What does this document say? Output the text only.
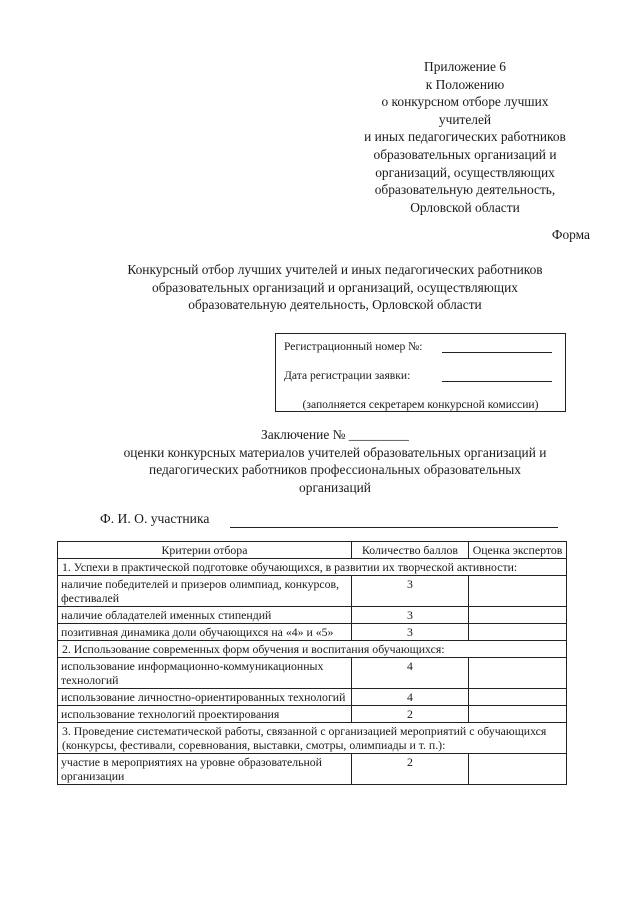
Приложение 6
к Положению
о конкурсном отборе лучших
учителей
и иных педагогических работников
образовательных организаций и
организаций, осуществляющих
образовательную деятельность,
Орловской области
Форма
Конкурсный отбор лучших учителей и иных педагогических работников
образовательных организаций и организаций, осуществляющих
образовательную деятельность, Орловской области
Регистрационный номер №:
Дата регистрации заявки:
(заполняется секретарем конкурсной комиссии)
Заключение № _________
оценки конкурсных материалов учителей образовательных организаций и
педагогических работников профессиональных образовательных
организаций
Ф. И. О. участника
Критерии отбора	Количество баллов	Оценка экспертов
1. Успехи в практической подготовке обучающихся, в развитии их творческой активности:		
наличие победителей и призеров олимпиад, конкурсов, фестивалей	3	
наличие обладателей именных стипендий	3	
позитивная динамика доли обучающихся на «4» и «5»	3	
2. Использование современных форм обучения и воспитания обучающихся:		
использование информационно-коммуникационных технологий	4	
использование личностно-ориентированных технологий	4	
использование технологий проектирования	2	
3. Проведение систематической работы, связанной с организацией мероприятий с обучающихся (конкурсы, фестивали, соревнования, выставки, смотры, олимпиады и т. п.):		
участие в мероприятиях на уровне образовательной организации	2	
